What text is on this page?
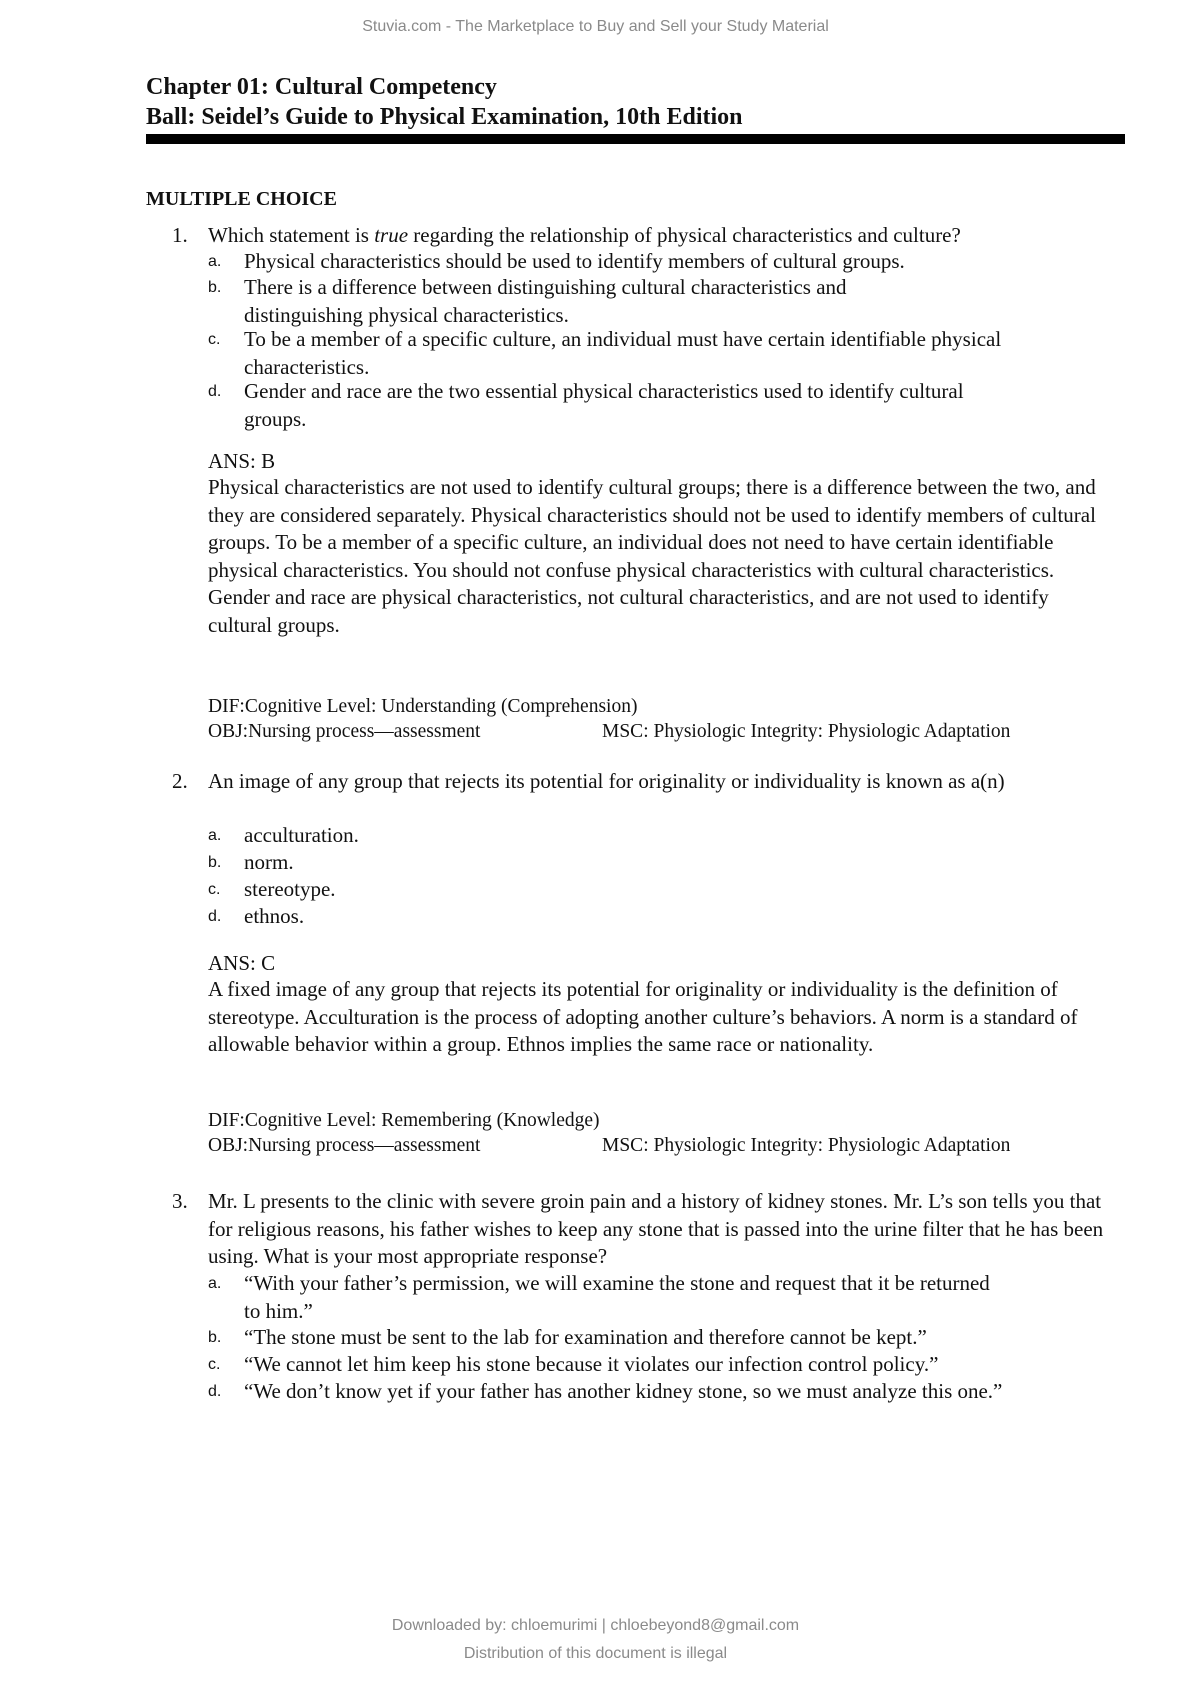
Stuvia.com - The Marketplace to Buy and Sell your Study Material
Chapter 01: Cultural Competency
Ball: Seidel’s Guide to Physical Examination, 10th Edition
MULTIPLE CHOICE
1. Which statement is true regarding the relationship of physical characteristics and culture?
a. Physical characteristics should be used to identify members of cultural groups.
b. There is a difference between distinguishing cultural characteristics and distinguishing physical characteristics.
c. To be a member of a specific culture, an individual must have certain identifiable physical characteristics.
d. Gender and race are the two essential physical characteristics used to identify cultural groups.
ANS: B
Physical characteristics are not used to identify cultural groups; there is a difference between the two, and they are considered separately. Physical characteristics should not be used to identify members of cultural groups. To be a member of a specific culture, an individual does not need to have certain identifiable physical characteristics. You should not confuse physical characteristics with cultural characteristics. Gender and race are physical characteristics, not cultural characteristics, and are not used to identify cultural groups.
DIF:Cognitive Level: Understanding (Comprehension)
OBJ:Nursing process—assessment	MSC: Physiologic Integrity: Physiologic Adaptation
2. An image of any group that rejects its potential for originality or individuality is known as a(n)
a. acculturation.
b. norm.
c. stereotype.
d. ethnos.
ANS: C
A fixed image of any group that rejects its potential for originality or individuality is the definition of stereotype. Acculturation is the process of adopting another culture’s behaviors. A norm is a standard of allowable behavior within a group. Ethnos implies the same race or nationality.
DIF:Cognitive Level: Remembering (Knowledge)
OBJ:Nursing process—assessment	MSC: Physiologic Integrity: Physiologic Adaptation
3. Mr. L presents to the clinic with severe groin pain and a history of kidney stones. Mr. L’s son tells you that for religious reasons, his father wishes to keep any stone that is passed into the urine filter that he has been using. What is your most appropriate response?
a. “With your father’s permission, we will examine the stone and request that it be returned to him.”
b. “The stone must be sent to the lab for examination and therefore cannot be kept.”
c. “We cannot let him keep his stone because it violates our infection control policy.”
d. “We don’t know yet if your father has another kidney stone, so we must analyze this one.”
Downloaded by: chloemurimi | chloebeyond8@gmail.com
Distribution of this document is illegal
